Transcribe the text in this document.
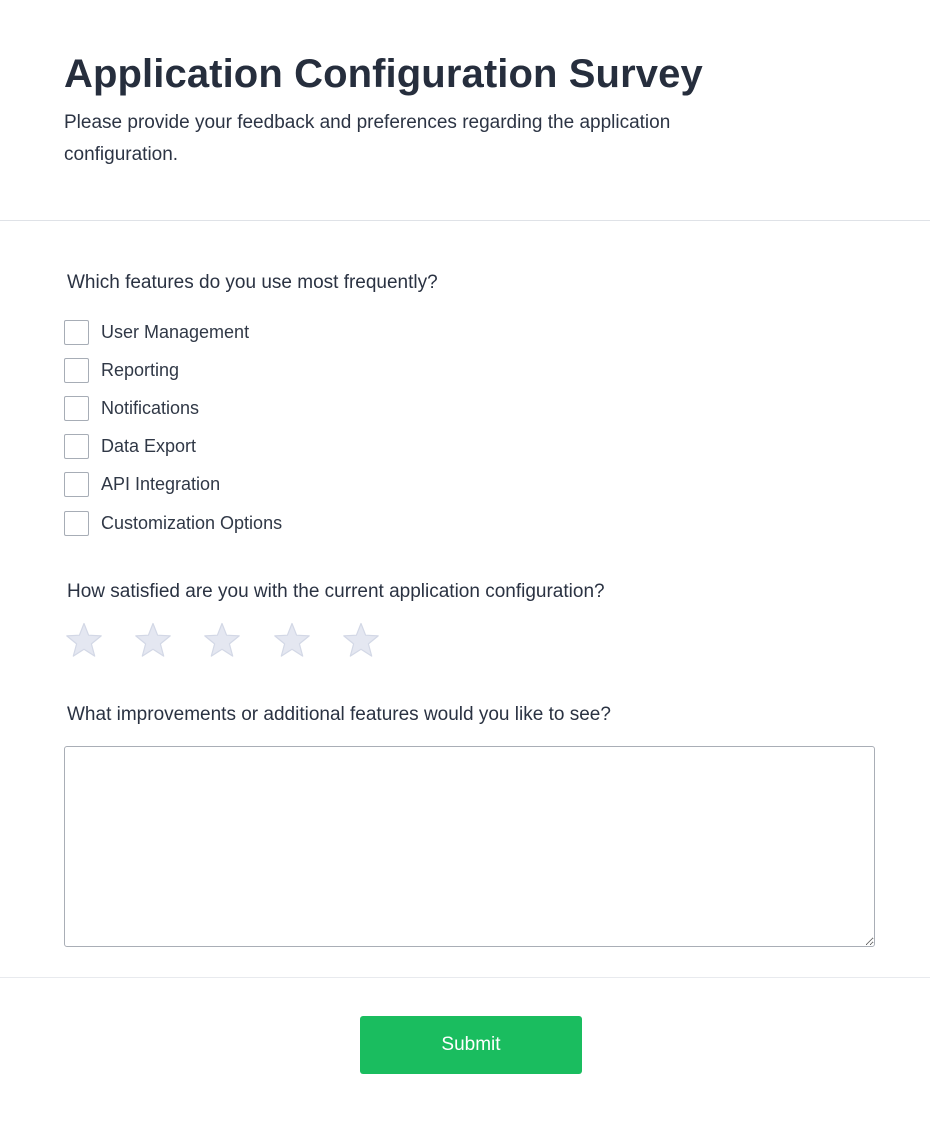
Application Configuration Survey

Please provide your feedback and preferences regarding the application configuration.

Which features do you use most frequently?
User Management
Reporting
Notifications
Data Export
API Integration
Customization Options
How satisfied are you with the current application configuration?
What improvements or additional features would you like to see?
Submit
